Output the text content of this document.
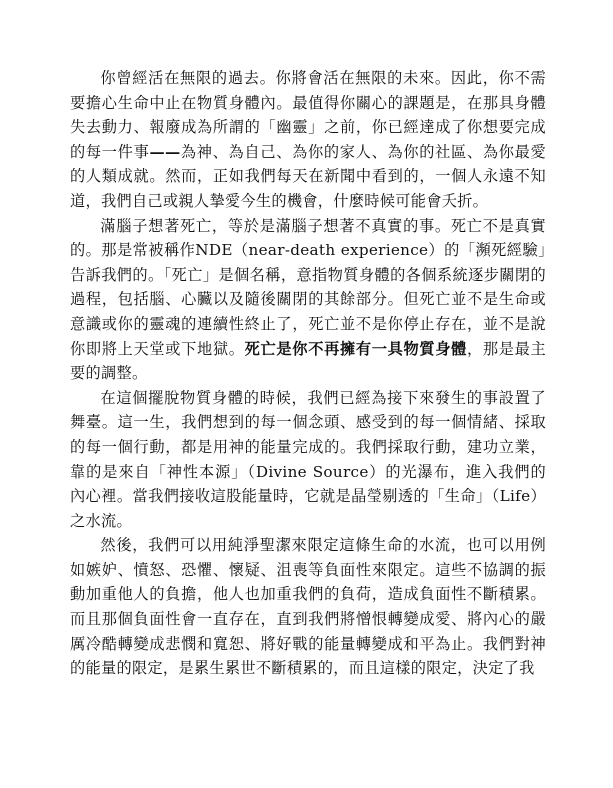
你曾經活在無限的過去。你將會活在無限的未來。因此，你不需要擔心生命中止在物質身體內。最值得你關心的課題是，在那具身體失去動力、報廢成為所謂的「幽靈」之前，你已經達成了你想要完成的每一件事——為神、為自己、為你的家人、為你的社區、為你最愛的人類成就。然而，正如我們每天在新聞中看到的，一個人永遠不知道，我們自己或親人摯愛今生的機會，什麼時候可能會夭折。

滿腦子想著死亡，等於是滿腦子想著不真實的事。死亡不是真實的。那是常被稱作NDE（near-death experience）的「瀕死經驗」告訴我們的。「死亡」是個名稱，意指物質身體的各個系統逐步關閉的過程，包括腦、心臟以及隨後關閉的其餘部分。但死亡並不是生命或意識或你的靈魂的連續性終止了，死亡並不是你停止存在，並不是說你即將上天堂或下地獄。死亡是你不再擁有一具物質身體，那是最主要的調整。

在這個擺脫物質身體的時候，我們已經為接下來發生的事設置了舞臺。這一生，我們想到的每一個念頭、感受到的每一個情緒、採取的每一個行動，都是用神的能量完成的。我們採取行動，建功立業，靠的是來自「神性本源」（Divine Source）的光瀑布，進入我們的內心裡。當我們接收這股能量時，它就是晶瑩剔透的「生命」（Life）之水流。

然後，我們可以用純淨聖潔來限定這條生命的水流，也可以用例如嫉妒、憤怒、恐懼、懷疑、沮喪等負面性來限定。這些不協調的振動加重他人的負擔，他人也加重我們的負荷，造成負面性不斷積累。而且那個負面性會一直存在，直到我們將憎恨轉變成愛、將內心的嚴厲冷酷轉變成悲憫和寬恕、將好戰的能量轉變成和平為止。我們對神的能量的限定，是累生累世不斷積累的，而且這樣的限定，決定了我
